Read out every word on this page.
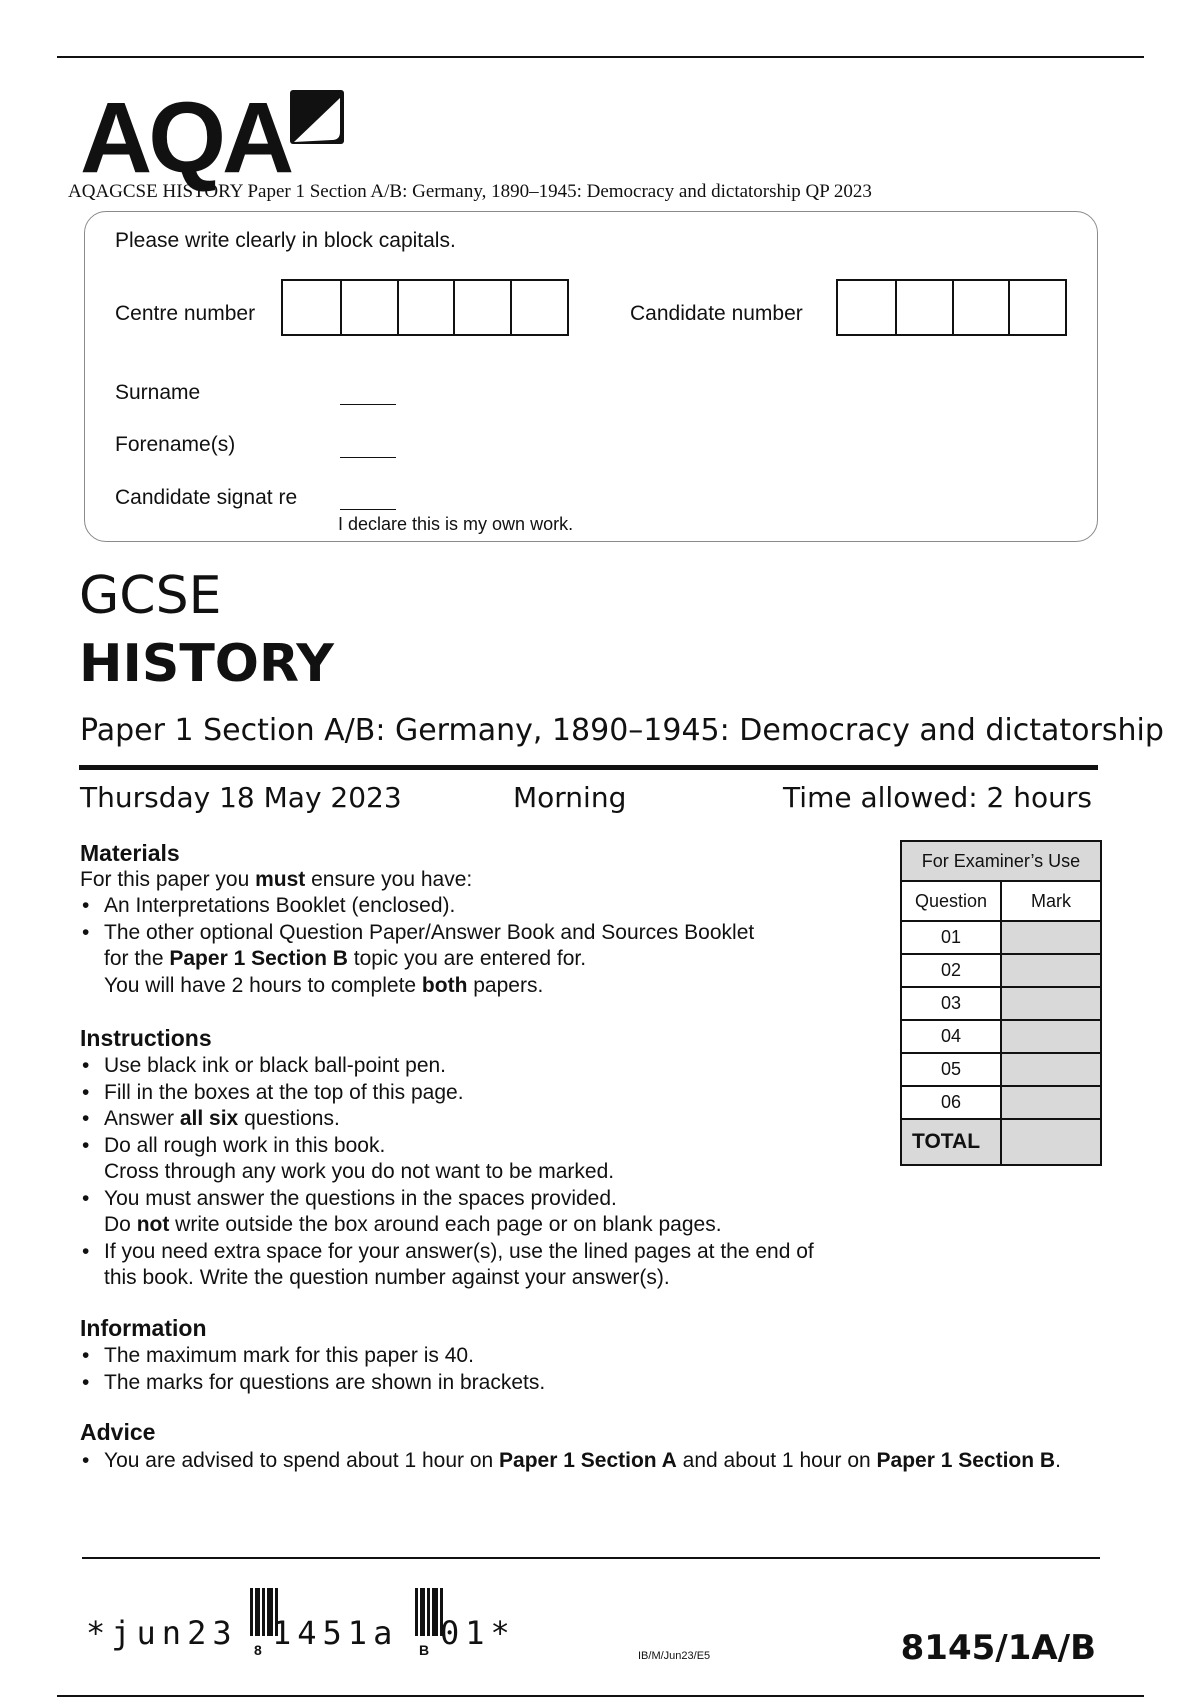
AQA
AQAGCSE HISTORY Paper 1 Section A/B: Germany, 1890–1945: Democracy and dictatorship QP 2023
Please write clearly in block capitals.
Centre number	Candidate number
Surname
Forename(s)
Candidate signat re
I declare this is my own work.
GCSE
HISTORY
Paper 1 Section A/B: Germany, 1890–1945: Democracy and dictatorship
Thursday 18 May 2023	Morning	Time allowed: 2 hours
Materials
For this paper you must ensure you have:
• An Interpretations Booklet (enclosed).
• The other optional Question Paper/Answer Book and Sources Booklet
for the Paper 1 Section B topic you are entered for.
You will have 2 hours to complete both papers.
Instructions
• Use black ink or black ball-point pen.
• Fill in the boxes at the top of this page.
• Answer all six questions.
• Do all rough work in this book.
Cross through any work you do not want to be marked.
• You must answer the questions in the spaces provided.
Do not write outside the box around each page or on blank pages.
• If you need extra space for your answer(s), use the lined pages at the end of
this book. Write the question number against your answer(s).
Information
• The maximum mark for this paper is 40.
• The marks for questions are shown in brackets.
Advice
• You are advised to spend about 1 hour on Paper 1 Section A and about 1 hour on Paper 1 Section B.
For Examiner’s Use	
Question	Mark
01	
02	
03	
04	
05	
06	
TOTAL	
*jun23 8 1451a B 01*
IB/M/Jun23/E5	8145/1A/B
